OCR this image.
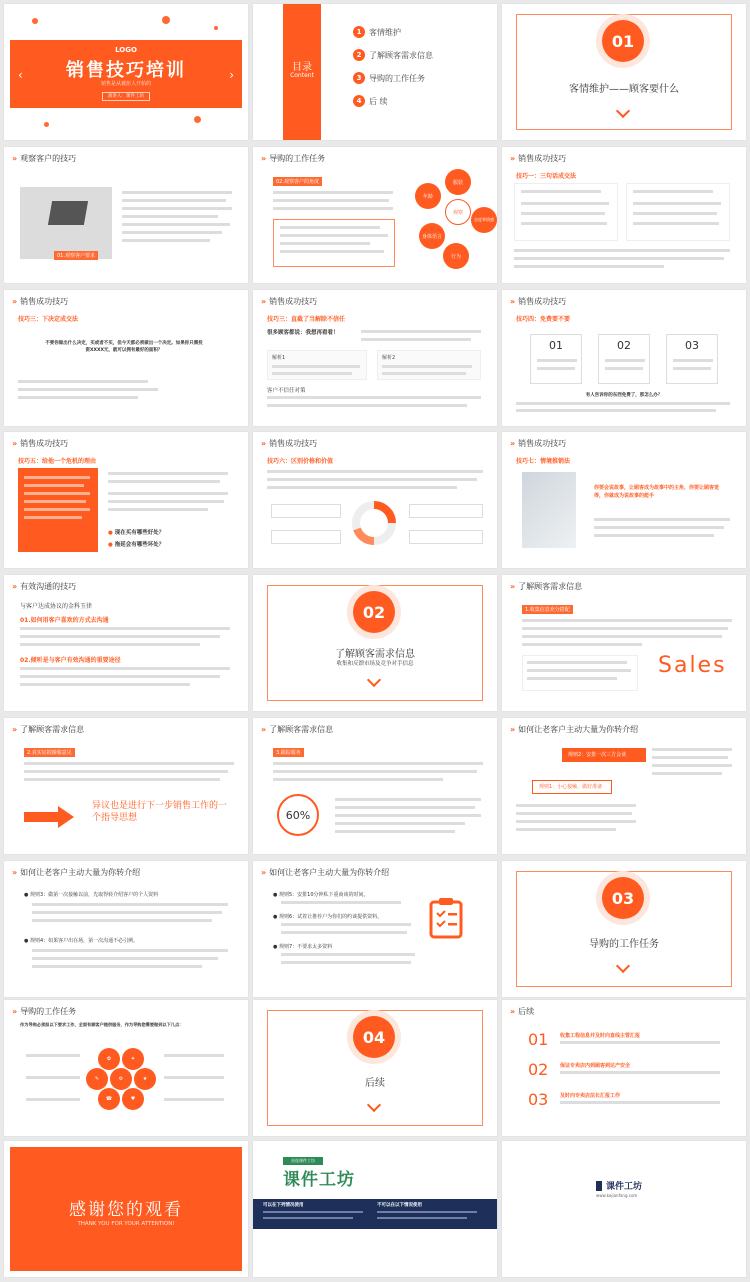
‹	›
LOGO
销售技巧培训
销售是从被拒人开始的
演讲人：课件工坊
目录
Content
1 客情维护
2 了解顾客需求信息
3 导购的工作任务
4 后 续
01
客情维护——顾客要什么
» 观察客户的技巧
01.观察客户要求
» 导购的工作任务
02.观察客户的角度
观察
服装
年龄
态度举情感
身体语言
行为
» 销售成功技巧
技巧一：三句话成交法
» 销售成功技巧
技巧三：下决定成交法
不要你做出什么决定，买或者不买，但今天都必须做出一个决定。如果你只需投资XXXX元，就可以拥有最好的面积？
» 销售成功技巧
技巧三：直截了当解除不信任
很多顾客都说：我想再看看！
解析1	解析2
客户不信任对策
» 销售成功技巧
技巧四：免费要不要
01	02	03
有人告诉你的东西免费了，那怎么办？
» 销售成功技巧
技巧五：给他一个危机的理由
● 现在买有哪些好处？
● 拖延会有哪些坏处？
» 销售成功技巧
技巧六：区别价格和价值
» 销售成功技巧
技巧七：情境推销法
你要会说故事，让顾客成为故事中的主角，你要让顾客觉得，你就成为说故事的能手
» 有效沟通的技巧
与客户达成协议的金科玉律
01.如何用客户喜欢的方式去沟通
02.倾听是与客户有效沟通的重要途径
02
了解顾客需求信息
收集和反馈市场及竞争对手信息
» 了解顾客需求信息
1.收集信息充分搭配
Sales
» 了解顾客需求信息
2.真实证据搬服意见
异议也是进行下一步销售工作的一个指导思想
» 了解顾客需求信息
3.跟踪服务
60%
» 如何让老客户主动大量为你转介绍
规则2：安排一次三方会谈
规则1：小心接触，做好准备
» 如何让老客户主动大量为你转介绍
● 规则3：做第一次接触以前，先取得转介绍客户的个人资料
● 规则4：如果客户出在场，第一次沟通不必引例。
» 如何让老客户主动大量为你转介绍
● 规则5：安排10分钟私下重商谈的时间。
● 规则6：试着让推荐户为你们的约谈提供资料。
● 规则7：不要求太多资料
03
导购的工作任务
» 导购的工作任务
作为导购必须担以下要求工作，全面有顾客户提供服务，作为导购您需要做到以下几点：
✿	✦
✎	⚙	★
☎	♥
04
后续
» 后续
01 收集工程信息并及时向直线主管汇报
02 保证专卖店内到顾客到达产安全
03 及时向专卖店法长汇报工作
感谢您的观看
THANK YOU FOR YOUR ATTENTION!
首选课件工坊
课件工坊
可以在下列情况使用	不可以在以下情况使用
课件工坊
www.kejianfang.com
